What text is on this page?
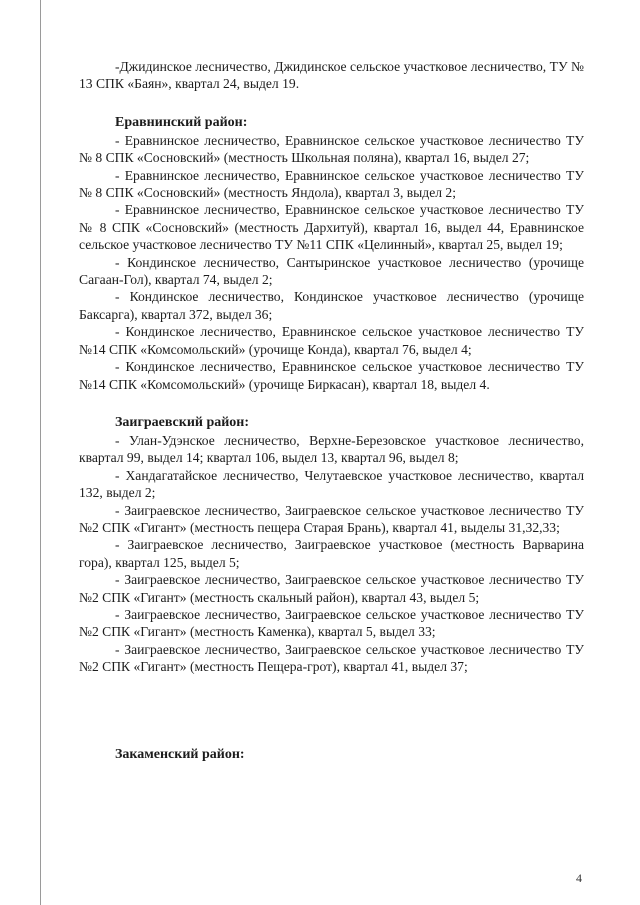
-Джидинское лесничество, Джидинское сельское участковое лесничество, ТУ № 13 СПК «Баян», квартал 24, выдел 19.

Еравнинский район:

- Еравнинское лесничество, Еравнинское сельское участковое лесничество ТУ № 8 СПК «Сосновский» (местность Школьная поляна), квартал 16, выдел 27;

- Еравнинское лесничество, Еравнинское сельское участковое лесничество ТУ № 8 СПК «Сосновский» (местность Яндола), квартал 3, выдел 2;

- Еравнинское лесничество, Еравнинское сельское участковое лесничество ТУ № 8 СПК «Сосновский» (местность Дархитуй), квартал 16, выдел 44, Еравнинское сельское участковое лесничество ТУ №11 СПК «Целинный», квартал 25, выдел 19;

- Кондинское лесничество, Сантыринское участковое лесничество (урочище Сагаан-Гол), квартал 74, выдел 2;

- Кондинское лесничество, Кондинское участковое лесничество (урочище Баксарга), квартал 372, выдел 36;

- Кондинское лесничество, Еравнинское сельское участковое лесничество ТУ №14 СПК «Комсомольский» (урочище Конда), квартал 76, выдел 4;

- Кондинское лесничество, Еравнинское сельское участковое лесничество ТУ №14 СПК «Комсомольский» (урочище Биркасан), квартал 18, выдел 4.

Заиграевский район:

- Улан-Удэнское лесничество, Верхне-Березовское участковое лесничество, квартал 99, выдел 14; квартал 106, выдел 13, квартал 96, выдел 8;

- Хандагатайское лесничество, Челутаевское участковое лесничество, квартал 132, выдел 2;

- Заиграевское лесничество, Заиграевское сельское участковое лесничество ТУ №2 СПК «Гигант» (местность пещера Старая Брань), квартал 41, выделы 31,32,33;

- Заиграевское лесничество, Заиграевское участковое (местность Варварина гора), квартал 125, выдел 5;

- Заиграевское лесничество, Заиграевское сельское участковое лесничество ТУ №2 СПК «Гигант» (местность скальный район), квартал 43, выдел 5;

- Заиграевское лесничество, Заиграевское сельское участковое лесничество ТУ №2 СПК «Гигант» (местность Каменка), квартал 5, выдел 33;

- Заиграевское лесничество, Заиграевское сельское участковое лесничество ТУ №2 СПК «Гигант» (местность Пещера-грот), квартал 41, выдел 37;

Закаменский район:

4
